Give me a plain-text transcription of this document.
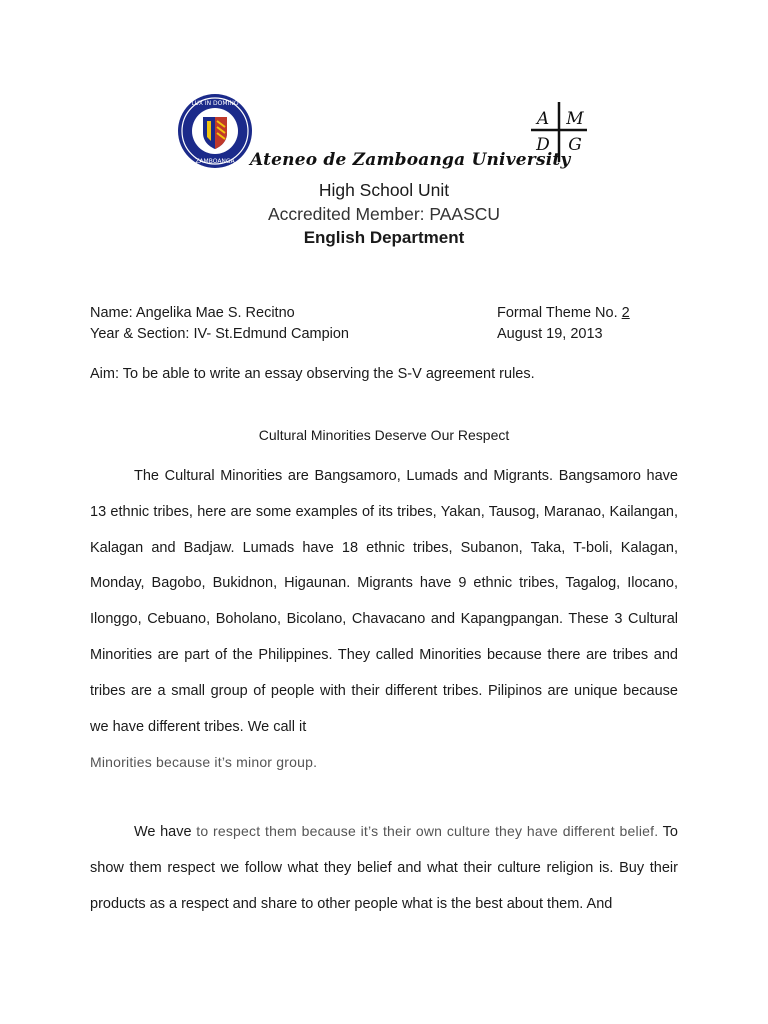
LUX IN DOMINO
ZAMBOANGA
A M
D G
Ateneo de Zamboanga University
High School Unit
Accredited Member: PAASCU
English Department
Name: Angelika Mae S. Recitno
Year & Section: IV- St.Edmund Campion
Formal Theme No. 2
August 19, 2013
Aim: To be able to write an essay observing the S-V agreement rules.
Cultural Minorities Deserve Our Respect
The Cultural Minorities are Bangsamoro, Lumads and Migrants. Bangsamoro have 13 ethnic tribes, here are some examples of its tribes, Yakan, Tausog, Maranao, Kailangan, Kalagan and Badjaw. Lumads have 18 ethnic tribes, Subanon, Taka, T-boli, Kalagan, Monday, Bagobo, Bukidnon, Higaunan. Migrants have 9 ethnic tribes, Tagalog, Ilocano, Ilonggo, Cebuano, Boholano, Bicolano, Chavacano and Kapangpangan. These 3 Cultural Minorities are part of the Philippines. They called Minorities because there are tribes and tribes are a small group of people with their different tribes. Pilipinos are unique because we have different tribes. We call it
Minorities because it’s minor group.
We have to respect them because it’s their own culture they have different belief. To show them respect we follow what they belief and what their culture religion is. Buy their products as a respect and share to other people what is the best about them. And
